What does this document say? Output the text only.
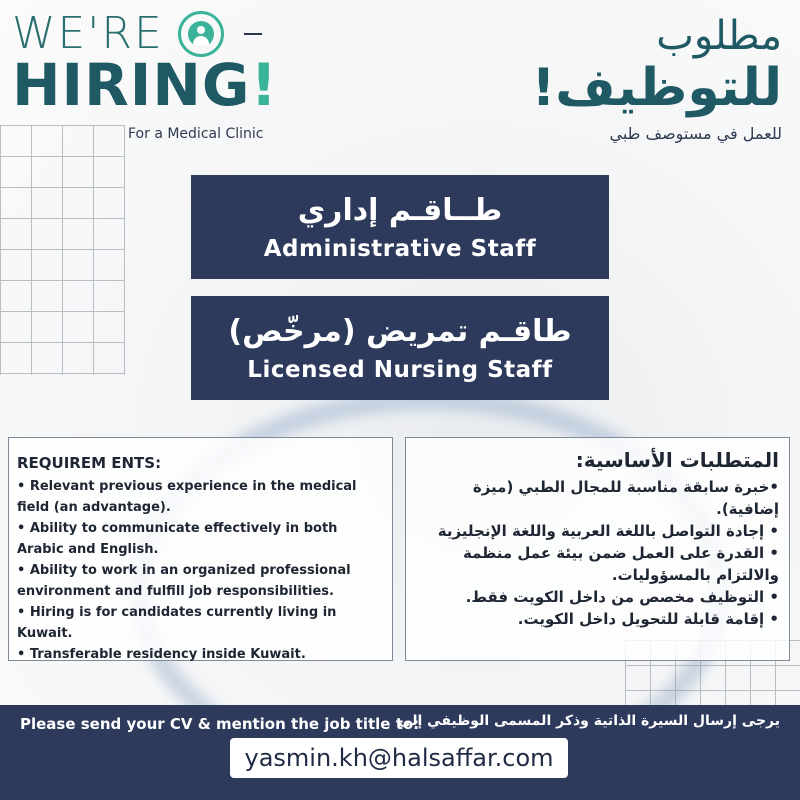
WE'RE
HIRING!
For a Medical Clinic
مطلوب
للتوظيف!
للعمل في مستوصف طبي
طــاقـم إداري
Administrative Staff
طاقـم تمريض (مرخّص)
Licensed Nursing Staff
REQUIREM ENTS:
• Relevant previous experience in the medical field (an advantage).
• Ability to communicate effectively in both Arabic and English.
• Ability to work in an organized professional environment and fulfill job responsibilities.
• Hiring is for candidates currently living in Kuwait.
• Transferable residency inside Kuwait.
المتطلبات الأساسية:
•خبرة سابقة مناسبة للمجال الطبي (ميزة إضافية).
• إجادة التواصل باللغة العربية واللغة الإنجليزية
• القدرة على العمل ضمن بيئة عمل منظمة والالتزام بالمسؤوليات.
• التوظيف مخصص من داخل الكويت فقط.
• إقامة قابلة للتحويل داخل الكويت.
Please send your CV & mention the job title to:
يرجى إرسال السيرة الذاتية وذكر المسمى الوظيفي إلى
yasmin.kh@halsaffar.com
